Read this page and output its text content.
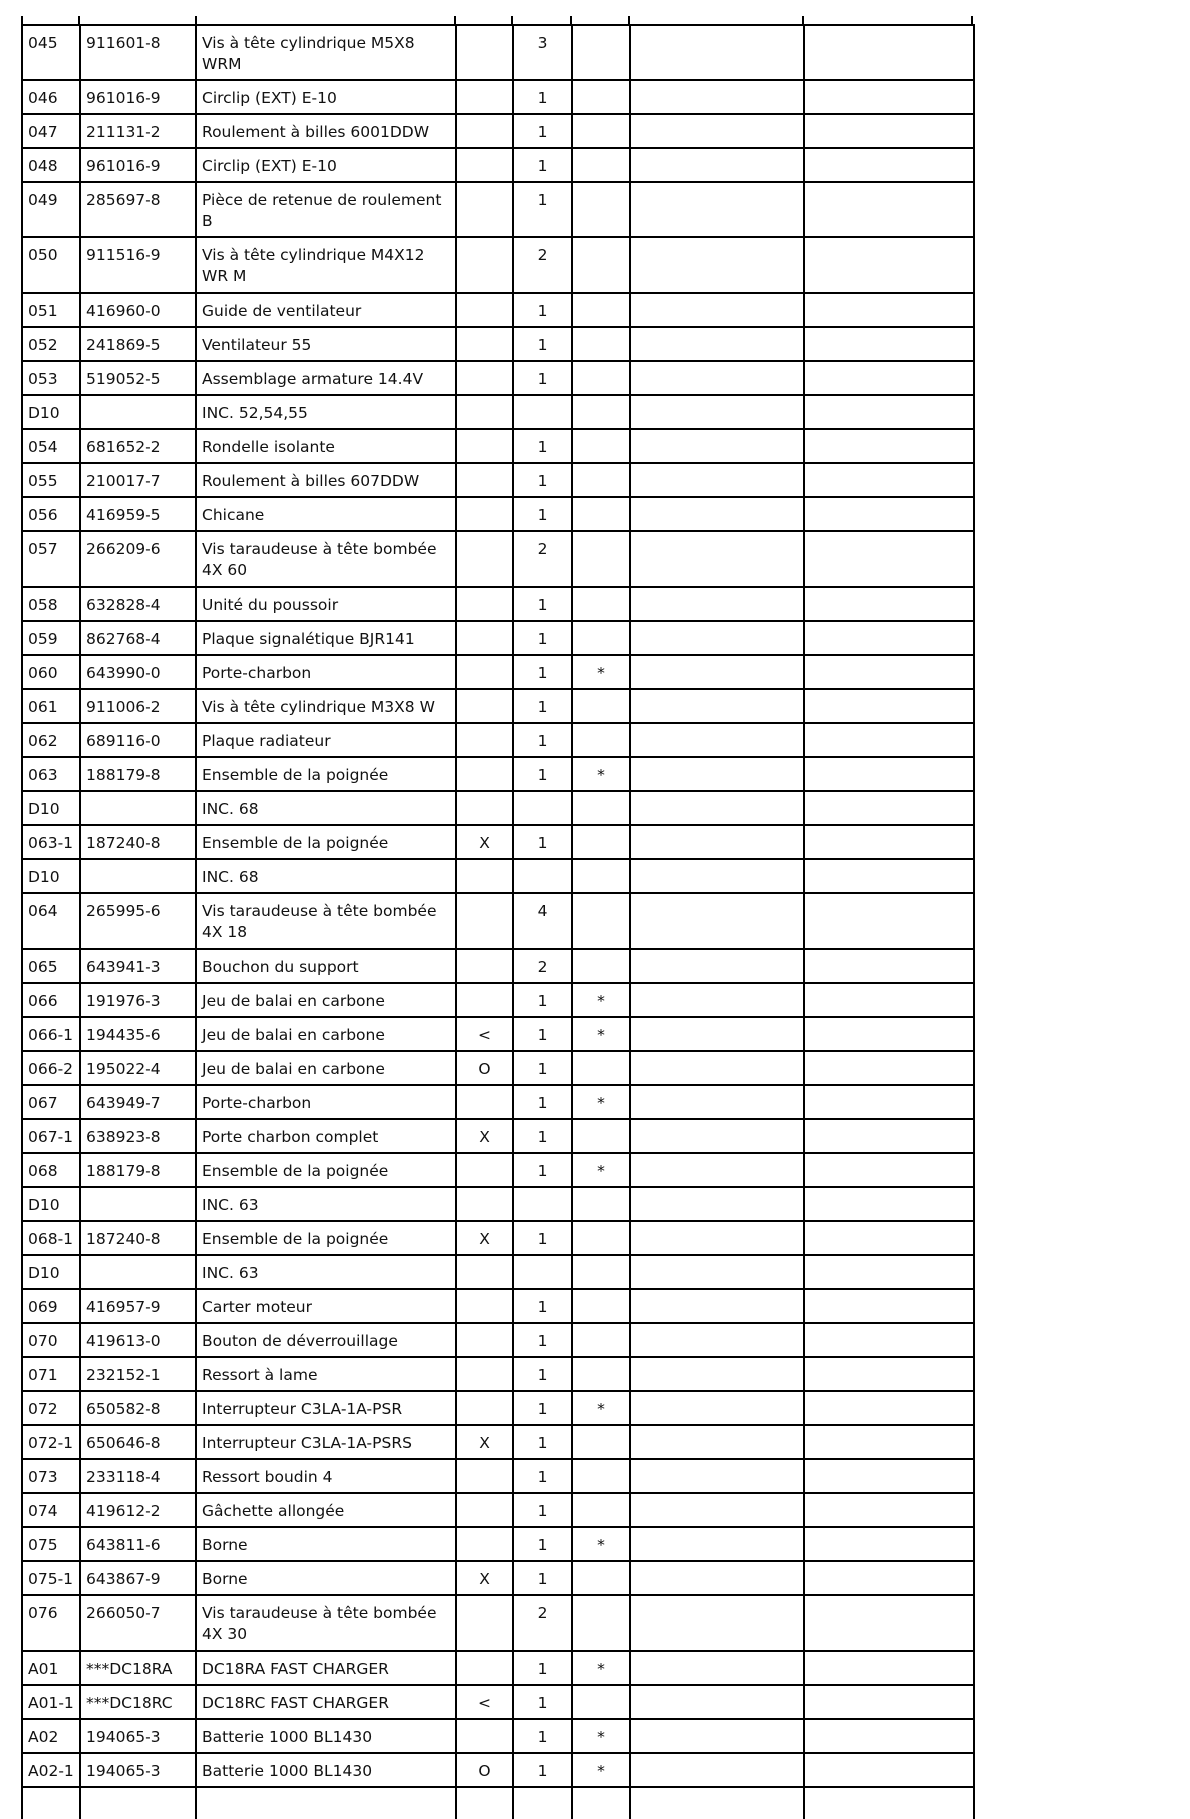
045	911601-8	Vis à tête cylindrique M5X8 WRM		3			
046	961016-9	Circlip (EXT) E-10		1			
047	211131-2	Roulement à billes 6001DDW		1			
048	961016-9	Circlip (EXT) E-10		1			
049	285697-8	Pièce de retenue de roulement B		1			
050	911516-9	Vis à tête cylindrique M4X12 WR M		2			
051	416960-0	Guide de ventilateur		1			
052	241869-5	Ventilateur 55		1			
053	519052-5	Assemblage armature 14.4V		1			
D10		INC. 52,54,55					
054	681652-2	Rondelle isolante		1			
055	210017-7	Roulement à billes 607DDW		1			
056	416959-5	Chicane		1			
057	266209-6	Vis taraudeuse à tête bombée 4X 60		2			
058	632828-4	Unité du poussoir		1			
059	862768-4	Plaque signalétique BJR141		1			
060	643990-0	Porte-charbon		1	*		
061	911006-2	Vis à tête cylindrique M3X8 W		1			
062	689116-0	Plaque radiateur		1			
063	188179-8	Ensemble de la poignée		1	*		
D10		INC. 68					
063-1	187240-8	Ensemble de la poignée	X	1			
D10		INC. 68					
064	265995-6	Vis taraudeuse à tête bombée 4X 18		4			
065	643941-3	Bouchon du support		2			
066	191976-3	Jeu de balai en carbone		1	*		
066-1	194435-6	Jeu de balai en carbone	<	1	*		
066-2	195022-4	Jeu de balai en carbone	O	1			
067	643949-7	Porte-charbon		1	*		
067-1	638923-8	Porte charbon complet	X	1			
068	188179-8	Ensemble de la poignée		1	*		
D10		INC. 63					
068-1	187240-8	Ensemble de la poignée	X	1			
D10		INC. 63					
069	416957-9	Carter moteur		1			
070	419613-0	Bouton de déverrouillage		1			
071	232152-1	Ressort à lame		1			
072	650582-8	Interrupteur C3LA-1A-PSR		1	*		
072-1	650646-8	Interrupteur C3LA-1A-PSRS	X	1			
073	233118-4	Ressort boudin 4		1			
074	419612-2	Gâchette allongée		1			
075	643811-6	Borne		1	*		
075-1	643867-9	Borne	X	1			
076	266050-7	Vis taraudeuse à tête bombée 4X 30		2			
A01	***DC18RA	DC18RA FAST CHARGER		1	*		
A01-1	***DC18RC	DC18RC FAST CHARGER	<	1			
A02	194065-3	Batterie 1000 BL1430		1	*		
A02-1	194065-3	Batterie 1000 BL1430	O	1	*		
